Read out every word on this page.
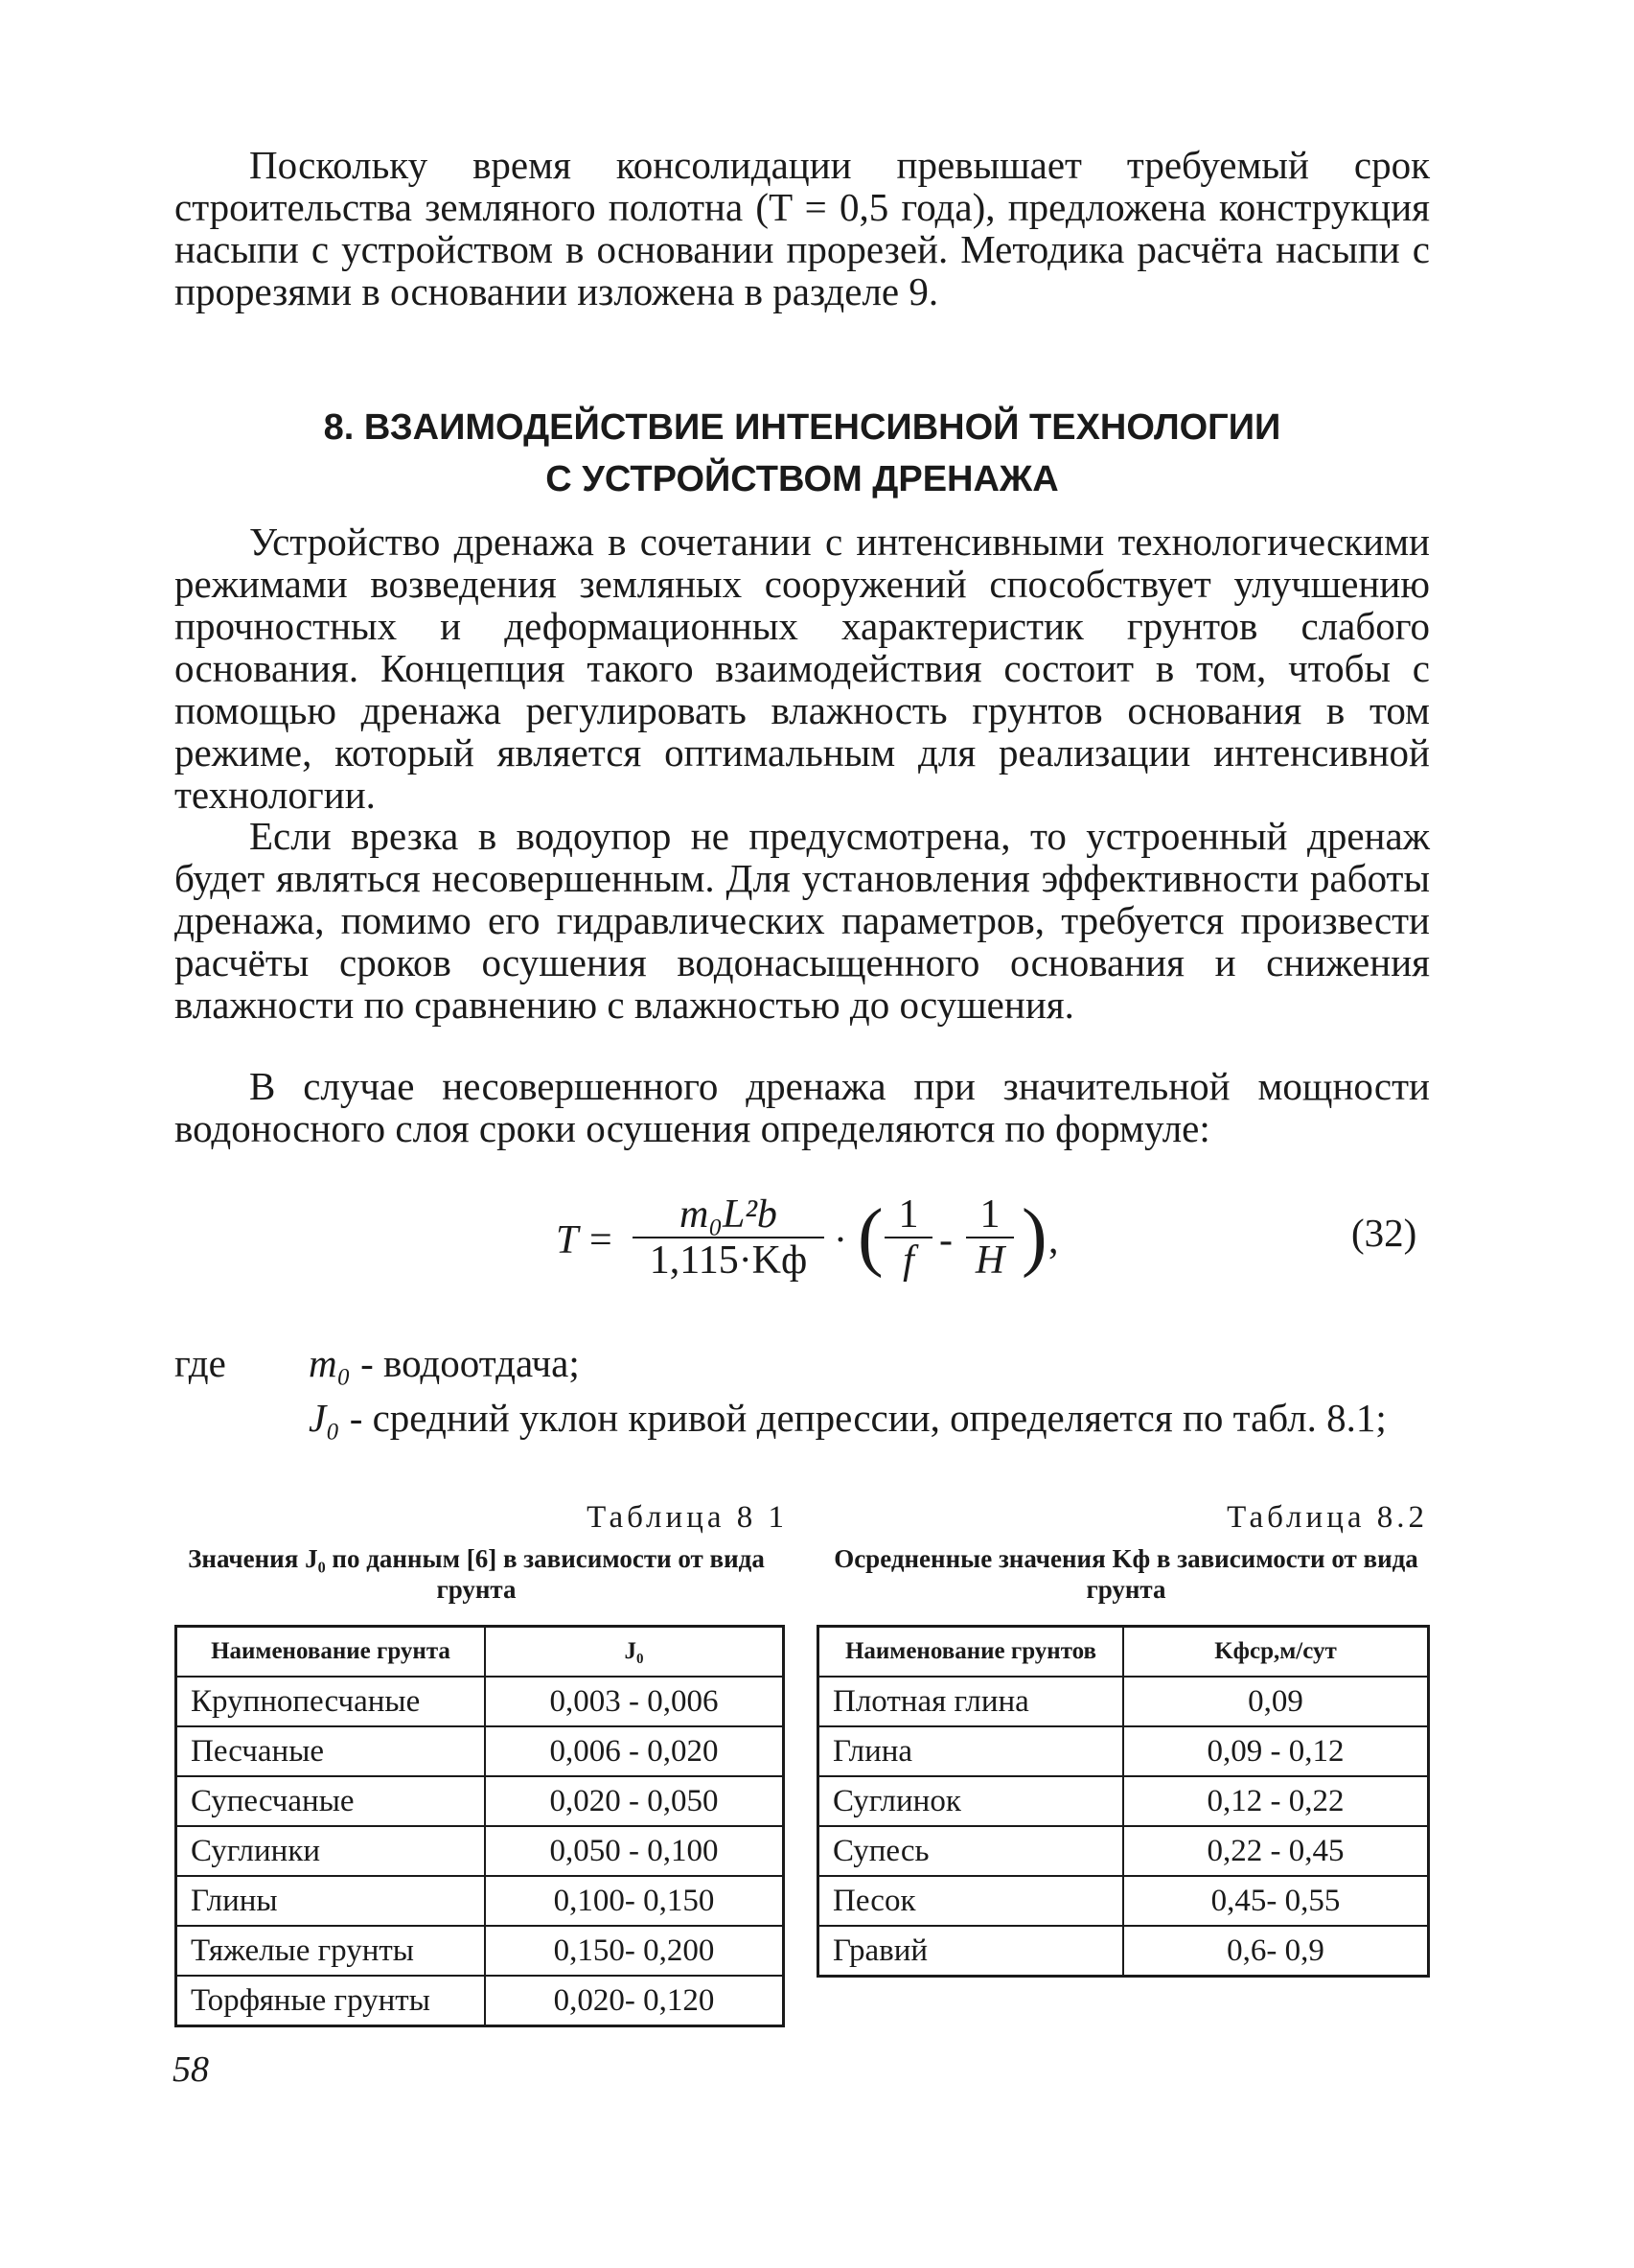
Поскольку время консолидации превышает требуемый срок строительства земляного полотна (T = 0,5 года), предложена конструкция насыпи с устройством в основании прорезей. Методика расчёта насыпи с прорезями в основании изложена в разделе 9.

8. ВЗАИМОДЕЙСТВИЕ ИНТЕНСИВНОЙ ТЕХНОЛОГИИ

С УСТРОЙСТВОМ ДРЕНАЖА

Устройство дренажа в сочетании с интенсивными технологическими режимами возведения земляных сооружений способствует улучшению прочностных и деформационных характеристик грунтов слабого основания. Концепция такого взаимодействия состоит в том, чтобы с помощью дренажа регулировать влажность грунтов основания в том режиме, который является оптимальным для реализации интенсивной технологии.

Если врезка в водоупор не предусмотрена, то устроенный дренаж будет являться несовершенным. Для установления эффективности работы дренажа, помимо его гидравлических параметров, требуется произвести расчёты сроков осушения водонасыщенного основания и снижения влажности по сравнению с влажностью до осушения.

В случае несовершенного дренажа при значительной мощности водоносного слоя сроки осушения определяются по формуле:

T =
m₀L²b
1,115·Kф · ( $\frac{1}{f} - \frac{1}{H}$ ) ,	(32)

где m₀ - водоотдача;

J₀ - средний уклон кривой депрессии, определяется по табл. 8.1;

Таблица 8 1
Значения J₀ по данным [6] в зависимости от вида грунта
Наименование грунта	J₀
Крупнопесчаные	0,003 - 0,006
Песчаные	0,006 - 0,020
Супесчаные	0,020 - 0,050
Суглинки	0,050 - 0,100
Глины	0,100- 0,150
Тяжелые грунты	0,150- 0,200
Торфяные грунты	0,020- 0,120
Таблица 8.2
Осредненные значения Kф в зависимости от вида грунта
Наименование грунтов	Kфср,м/сут
Плотная глина	0,09
Глина	0,09 - 0,12
Суглинок	0,12 - 0,22
Супесь	0,22 - 0,45
Песок	0,45- 0,55
Гравий	0,6- 0,9
58
